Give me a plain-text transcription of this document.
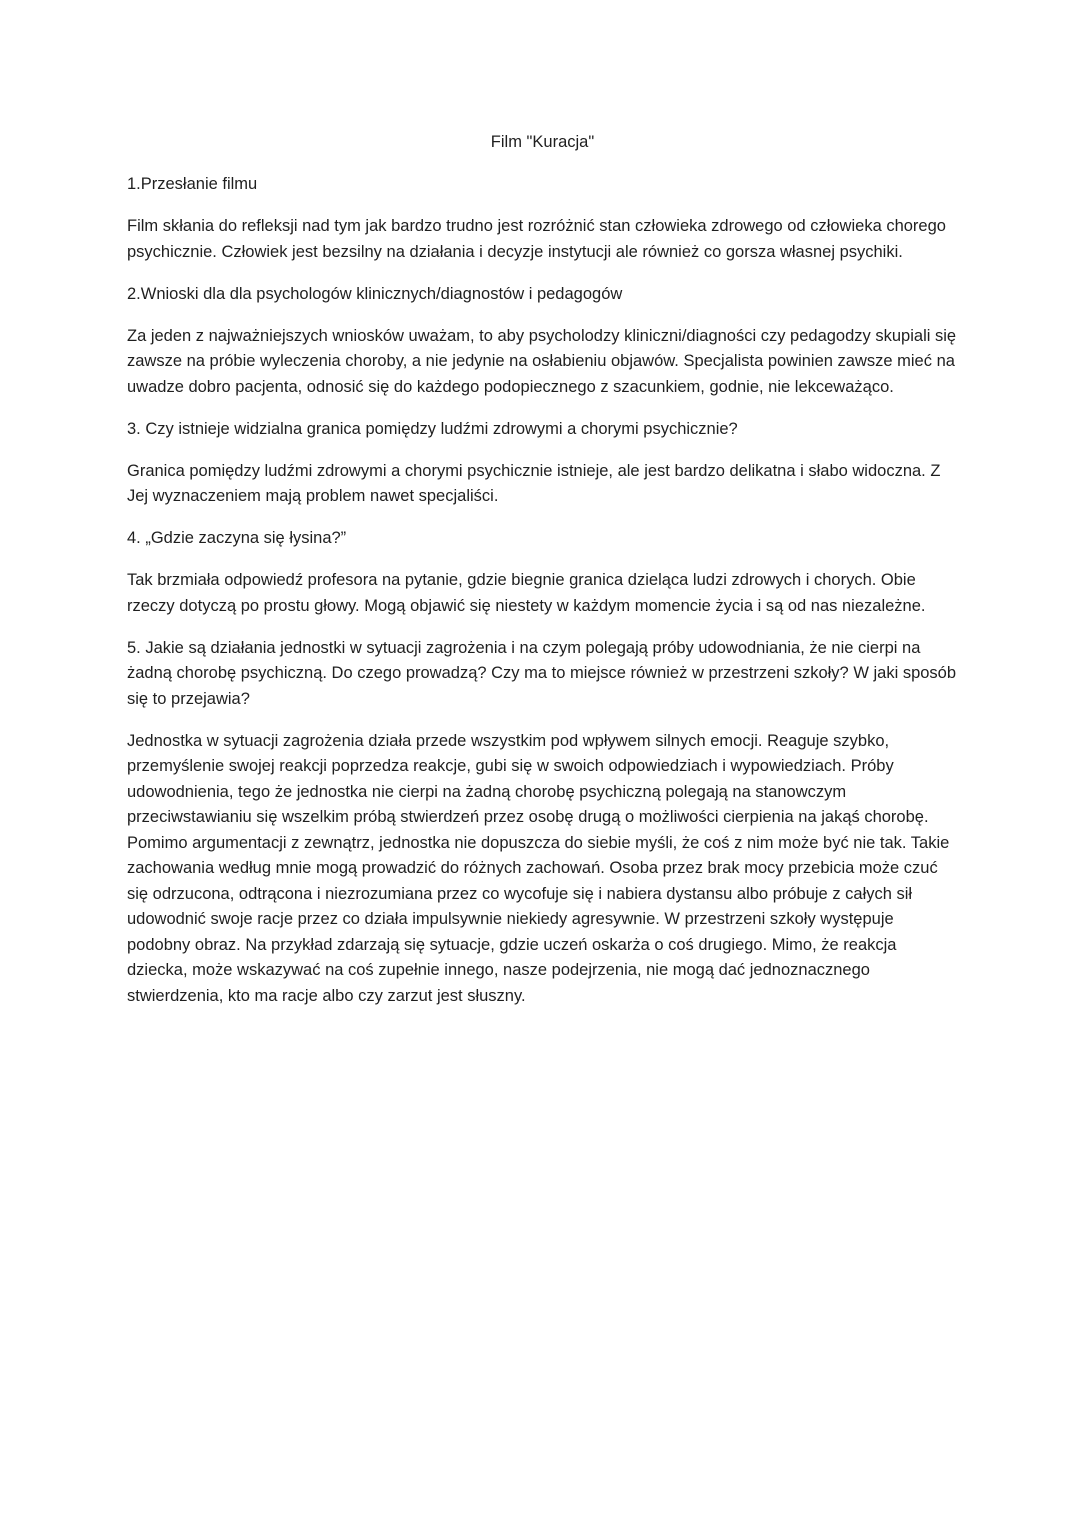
Film "Kuracja"

1.Przesłanie filmu

Film skłania do refleksji nad tym jak bardzo trudno jest rozróżnić stan człowieka zdrowego od człowieka chorego psychicznie. Człowiek jest bezsilny na działania i decyzje instytucji ale również co gorsza własnej psychiki.

2.Wnioski dla dla psychologów klinicznych/diagnostów i pedagogów

Za jeden z najważniejszych wniosków uważam, to aby psycholodzy kliniczni/diagności czy pedagodzy skupiali się zawsze na próbie wyleczenia choroby, a nie jedynie na osłabieniu objawów. Specjalista powinien zawsze mieć na uwadze dobro pacjenta, odnosić się do każdego podopiecznego z szacunkiem, godnie, nie lekceważąco.

3. Czy istnieje widzialna granica pomiędzy ludźmi zdrowymi a chorymi psychicznie?

Granica pomiędzy ludźmi zdrowymi a chorymi psychicznie istnieje, ale jest bardzo delikatna i słabo widoczna. Z Jej wyznaczeniem mają problem nawet specjaliści.

4. „Gdzie zaczyna się łysina?”

Tak brzmiała odpowiedź profesora na pytanie, gdzie biegnie granica dzieląca ludzi zdrowych i chorych. Obie rzeczy dotyczą po prostu głowy. Mogą objawić się niestety w każdym momencie życia i są od nas niezależne.

5. Jakie są działania jednostki w sytuacji zagrożenia i na czym polegają próby udowodniania, że nie cierpi na żadną chorobę psychiczną. Do czego prowadzą? Czy ma to miejsce również w przestrzeni szkoły? W jaki sposób się to przejawia?

Jednostka w sytuacji zagrożenia działa przede wszystkim pod wpływem silnych emocji. Reaguje szybko, przemyślenie swojej reakcji poprzedza reakcje, gubi się w swoich odpowiedziach i wypowiedziach. Próby udowodnienia, tego że jednostka nie cierpi na żadną chorobę psychiczną polegają na stanowczym przeciwstawianiu się wszelkim próbą stwierdzeń przez osobę drugą o możliwości cierpienia na jakąś chorobę. Pomimo argumentacji z zewnątrz, jednostka nie dopuszcza do siebie myśli, że coś z nim może być nie tak. Takie zachowania według mnie mogą prowadzić do różnych zachowań. Osoba przez brak mocy przebicia może czuć się odrzucona, odtrącona i niezrozumiana przez co wycofuje się i nabiera dystansu albo próbuje z całych sił udowodnić swoje racje przez co działa impulsywnie niekiedy agresywnie. W przestrzeni szkoły występuje podobny obraz. Na przykład zdarzają się sytuacje, gdzie uczeń oskarża o coś drugiego. Mimo, że reakcja dziecka, może wskazywać na coś zupełnie innego, nasze podejrzenia, nie mogą dać jednoznacznego stwierdzenia, kto ma racje albo czy zarzut jest słuszny.
